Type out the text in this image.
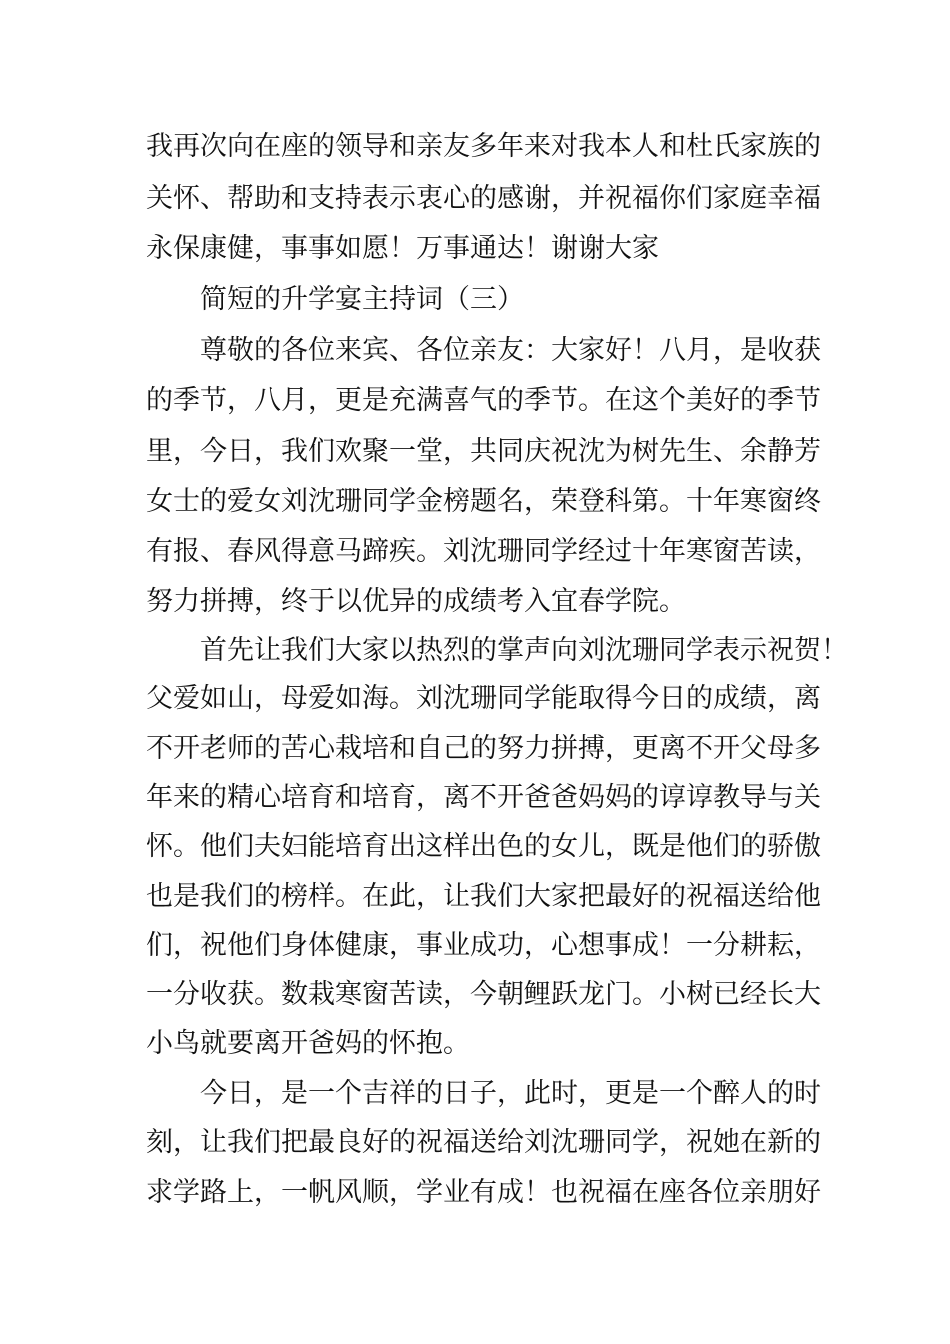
我再次向在座的领导和亲友多年来对我本人和杜氏家族的
关怀、帮助和支持表示衷心的感谢，并祝福你们家庭幸福
永保康健，事事如愿！万事通达！谢谢大家
简短的升学宴主持词（三）
尊敬的各位来宾、各位亲友：大家好！八月，是收获
的季节，八月，更是充满喜气的季节。在这个美好的季节
里，今日，我们欢聚一堂，共同庆祝沈为树先生、余静芳
女士的爱女刘沈珊同学金榜题名，荣登科第。十年寒窗终
有报、春风得意马蹄疾。刘沈珊同学经过十年寒窗苦读，
努力拼搏，终于以优异的成绩考入宜春学院。
首先让我们大家以热烈的掌声向刘沈珊同学表示祝贺！
父爱如山，母爱如海。刘沈珊同学能取得今日的成绩，离
不开老师的苦心栽培和自己的努力拼搏，更离不开父母多
年来的精心培育和培育，离不开爸爸妈妈的谆谆教导与关
怀。他们夫妇能培育出这样出色的女儿，既是他们的骄傲
也是我们的榜样。在此，让我们大家把最好的祝福送给他
们，祝他们身体健康，事业成功，心想事成！一分耕耘，
一分收获。数栽寒窗苦读，今朝鲤跃龙门。小树已经长大
小鸟就要离开爸妈的怀抱。
今日，是一个吉祥的日子，此时，更是一个醉人的时
刻，让我们把最良好的祝福送给刘沈珊同学，祝她在新的
求学路上，一帆风顺，学业有成！也祝福在座各位亲朋好
